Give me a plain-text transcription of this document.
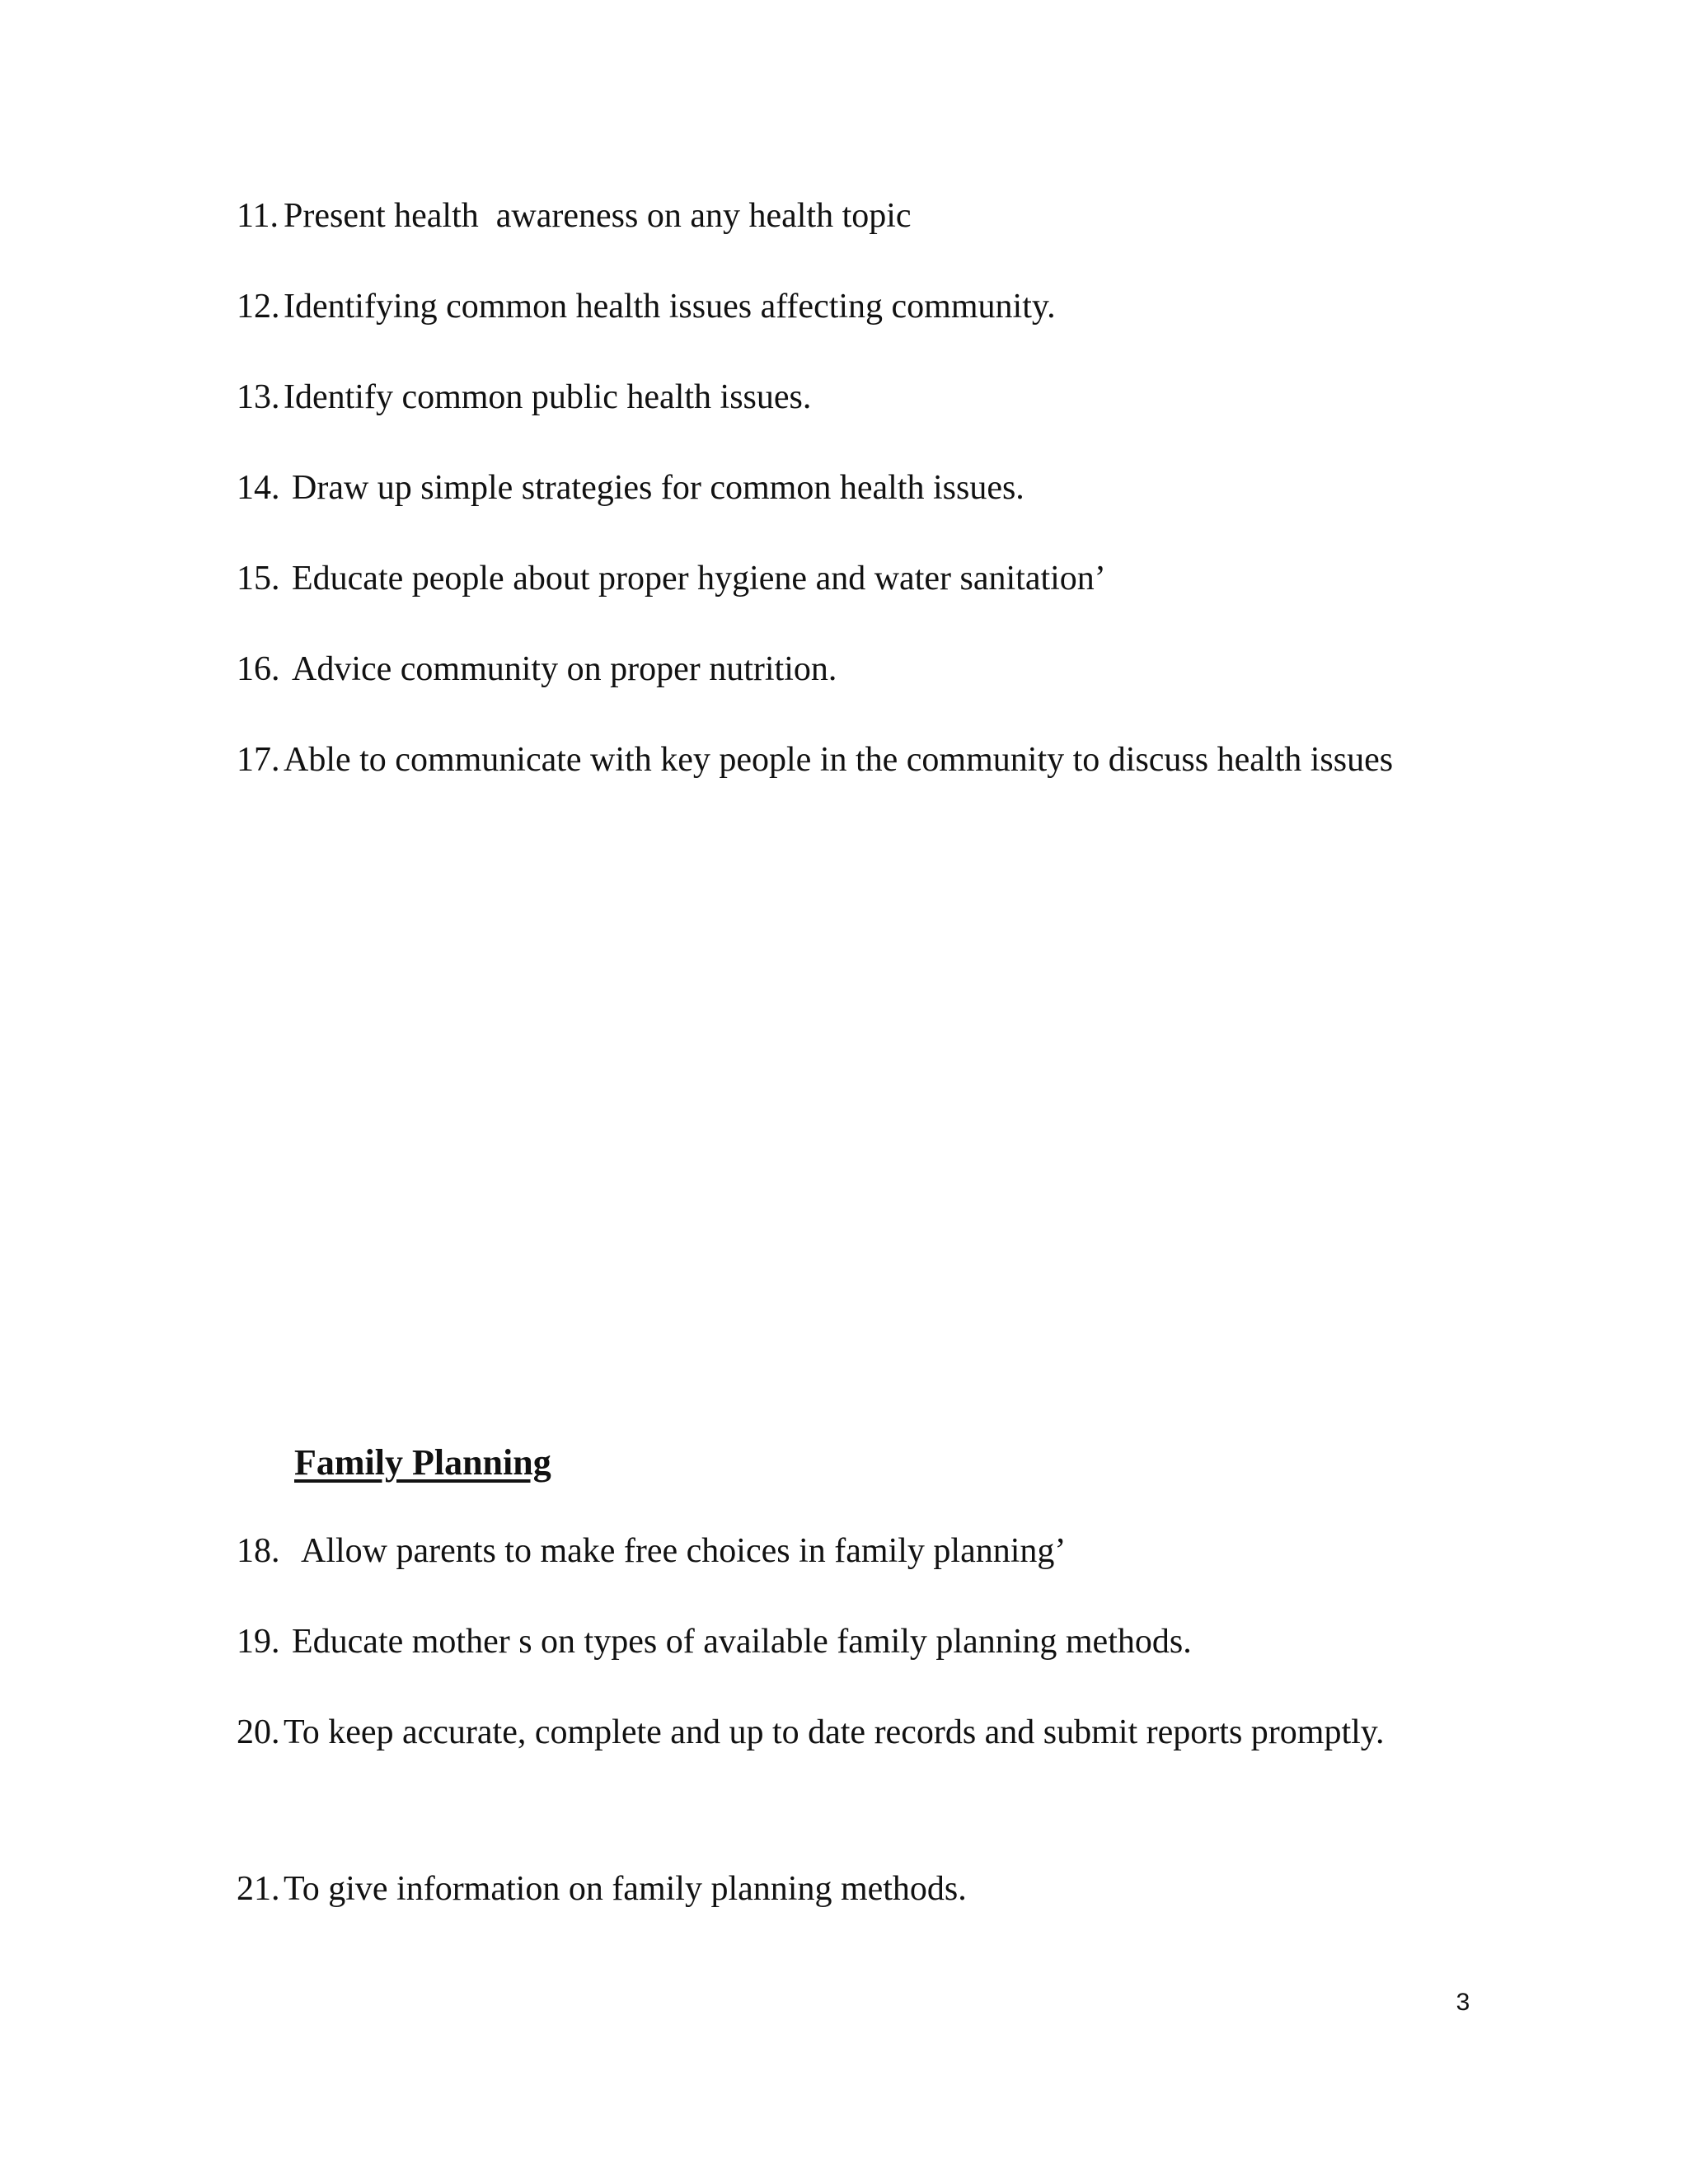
11. Present health  awareness on any health topic
12. Identifying common health issues affecting community.
13. Identify common public health issues.
14. Draw up simple strategies for common health issues.
15. Educate people about proper hygiene and water sanitation’
16. Advice community on proper nutrition.
17. Able to communicate with key people in the community to discuss health issues
Family Planning
18. Allow parents to make free choices in family planning’
19. Educate mother s on types of available family planning methods.
20. To keep accurate, complete and up to date records and submit reports promptly.
21. To give information on family planning methods.
3
